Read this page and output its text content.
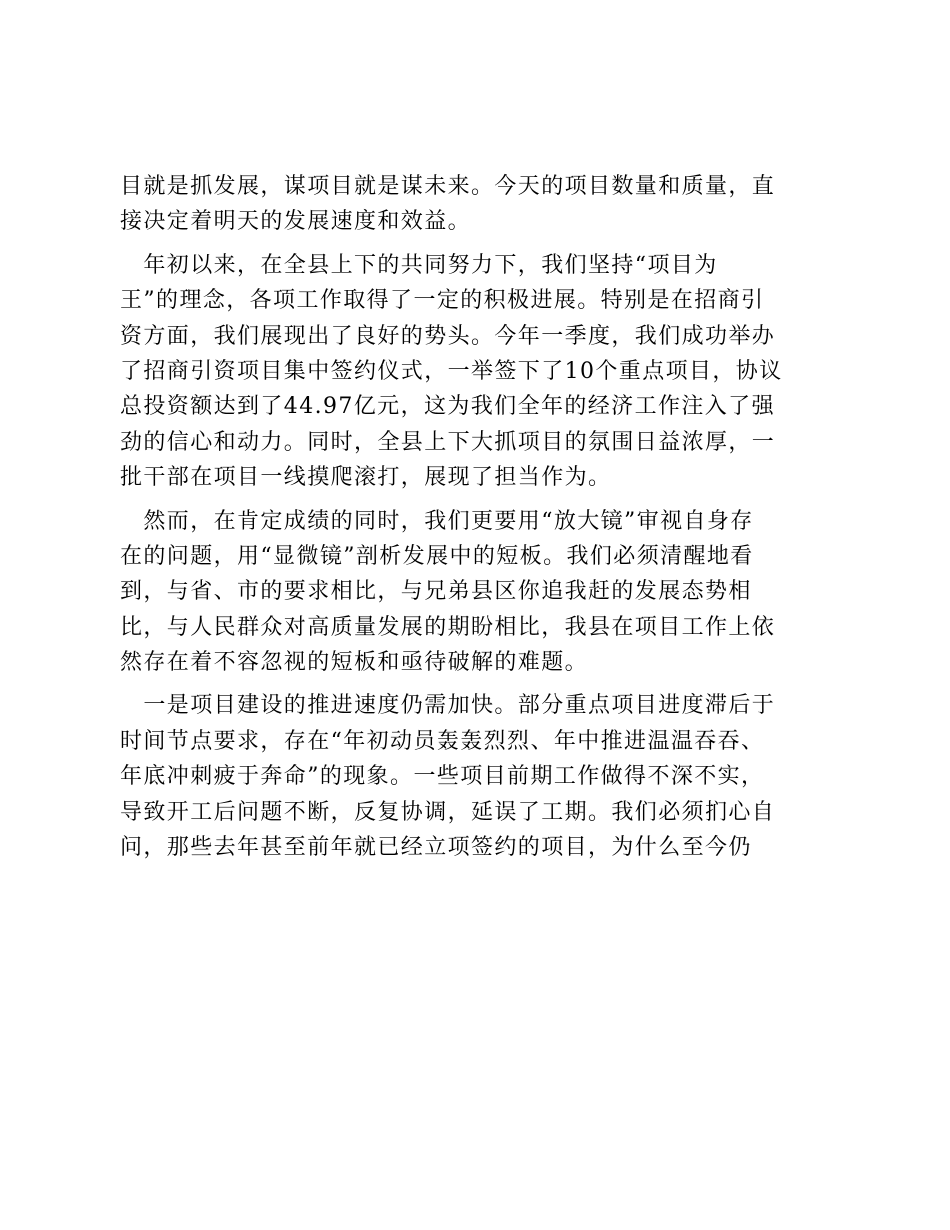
目就是抓发展，谋项目就是谋未来。今天的项目数量和质量，直
接决定着明天的发展速度和效益。
　年初以来，在全县上下的共同努力下，我们坚持“项目为
王”的理念，各项工作取得了一定的积极进展。特别是在招商引
资方面，我们展现出了良好的势头。今年一季度，我们成功举办
了招商引资项目集中签约仪式，一举签下了10个重点项目，协议
总投资额达到了44.97亿元，这为我们全年的经济工作注入了强
劲的信心和动力。同时，全县上下大抓项目的氛围日益浓厚，一
批干部在项目一线摸爬滚打，展现了担当作为。
　然而，在肯定成绩的同时，我们更要用“放大镜”审视自身存
在的问题，用“显微镜”剖析发展中的短板。我们必须清醒地看
到，与省、市的要求相比，与兄弟县区你追我赶的发展态势相
比，与人民群众对高质量发展的期盼相比，我县在项目工作上依
然存在着不容忽视的短板和亟待破解的难题。
　一是项目建设的推进速度仍需加快。部分重点项目进度滞后于
时间节点要求，存在“年初动员轰轰烈烈、年中推进温温吞吞、
年底冲刺疲于奔命”的现象。一些项目前期工作做得不深不实，
导致开工后问题不断，反复协调，延误了工期。我们必须扪心自
问，那些去年甚至前年就已经立项签约的项目，为什么至今仍
